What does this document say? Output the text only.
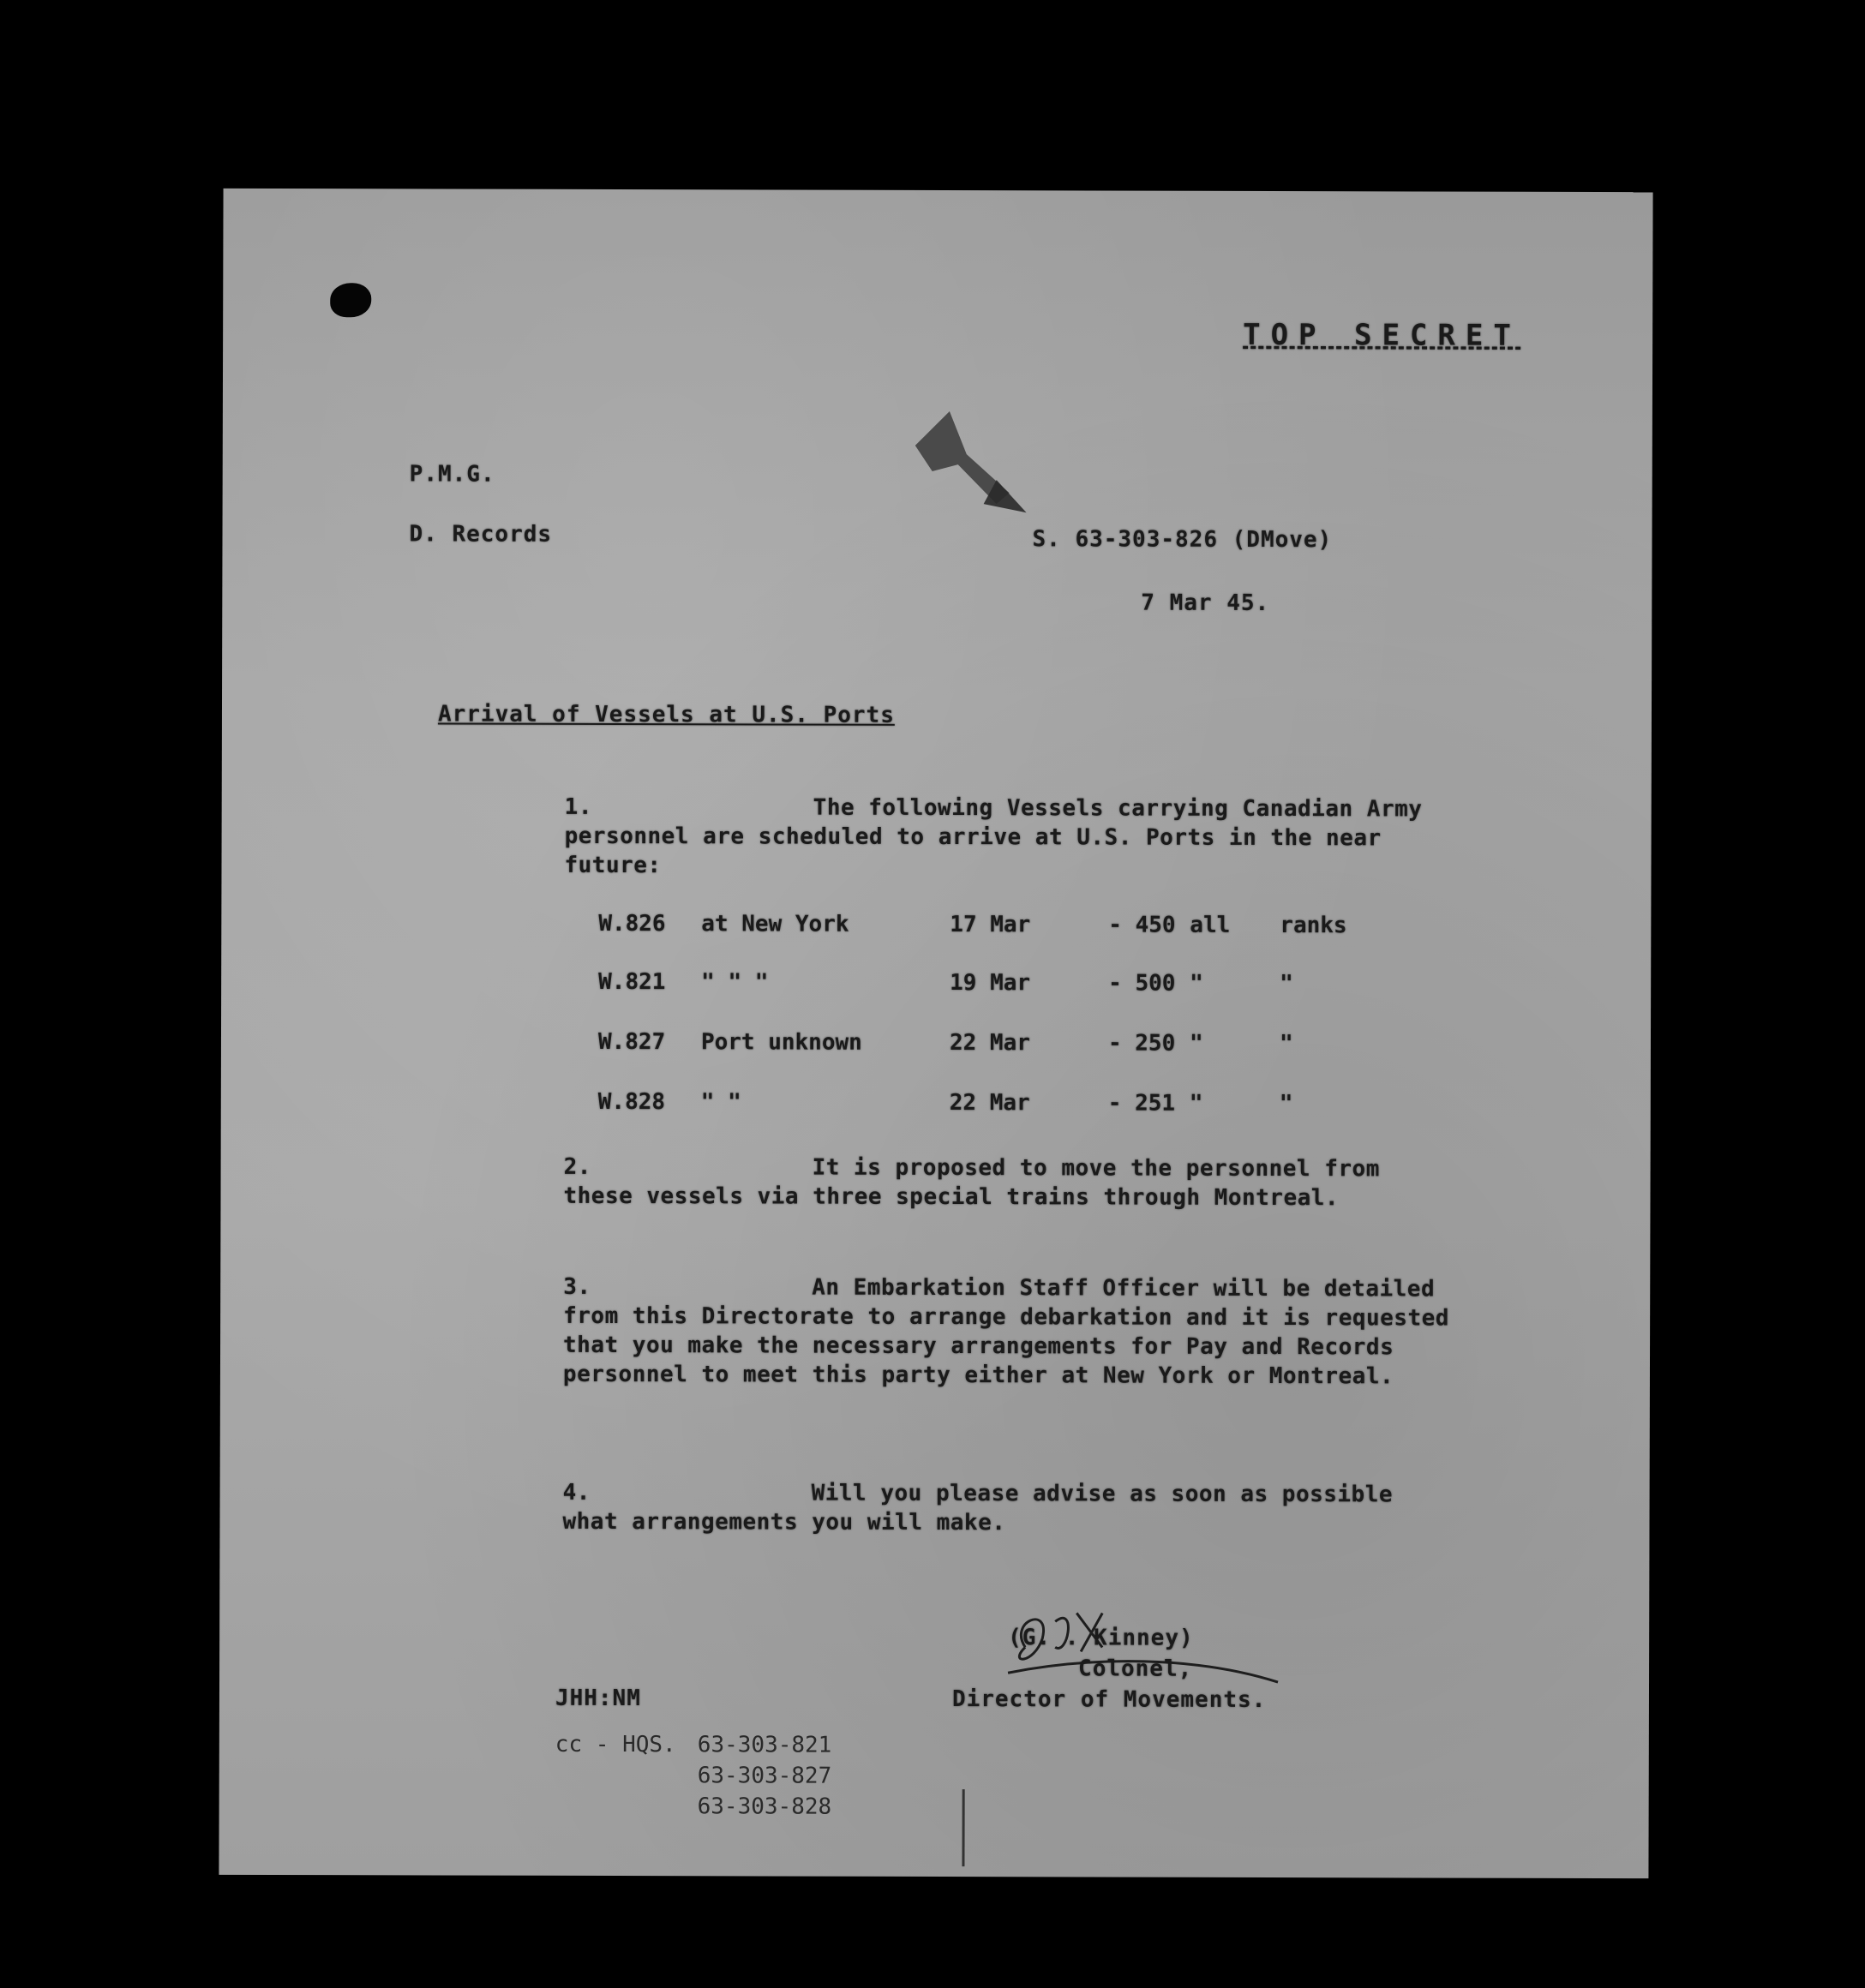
TOP SECRET
P.M.G.
D. Records	S. 63-303-826 (DMove)
7 Mar 45.
Arrival of Vessels at U.S. Ports
1.	The following Vessels carrying Canadian Army personnel are scheduled to arrive at U.S. Ports in the near future:
W.826 at New York	17 Mar	- 450 all ranks
W.821 " " "	19 Mar	- 500 "	"
W.827 Port unknown	22 Mar	- 250 "	"
W.828 " "	22 Mar	- 251 "	"
2.	It is proposed to move the personnel from these vessels via three special trains through Montreal.
3.	An Embarkation Staff Officer will be detailed from this Directorate to arrange debarkation and it is requested that you make the necessary arrangements for Pay and Records personnel to meet this party either at New York or Montreal.
4.	Will you please advise as soon as possible what arrangements you will make.
(G. . Kinney)
Colonel,
Director of Movements.
JHH:NM
cc - HQS. 63-303-821
63-303-827
63-303-828
